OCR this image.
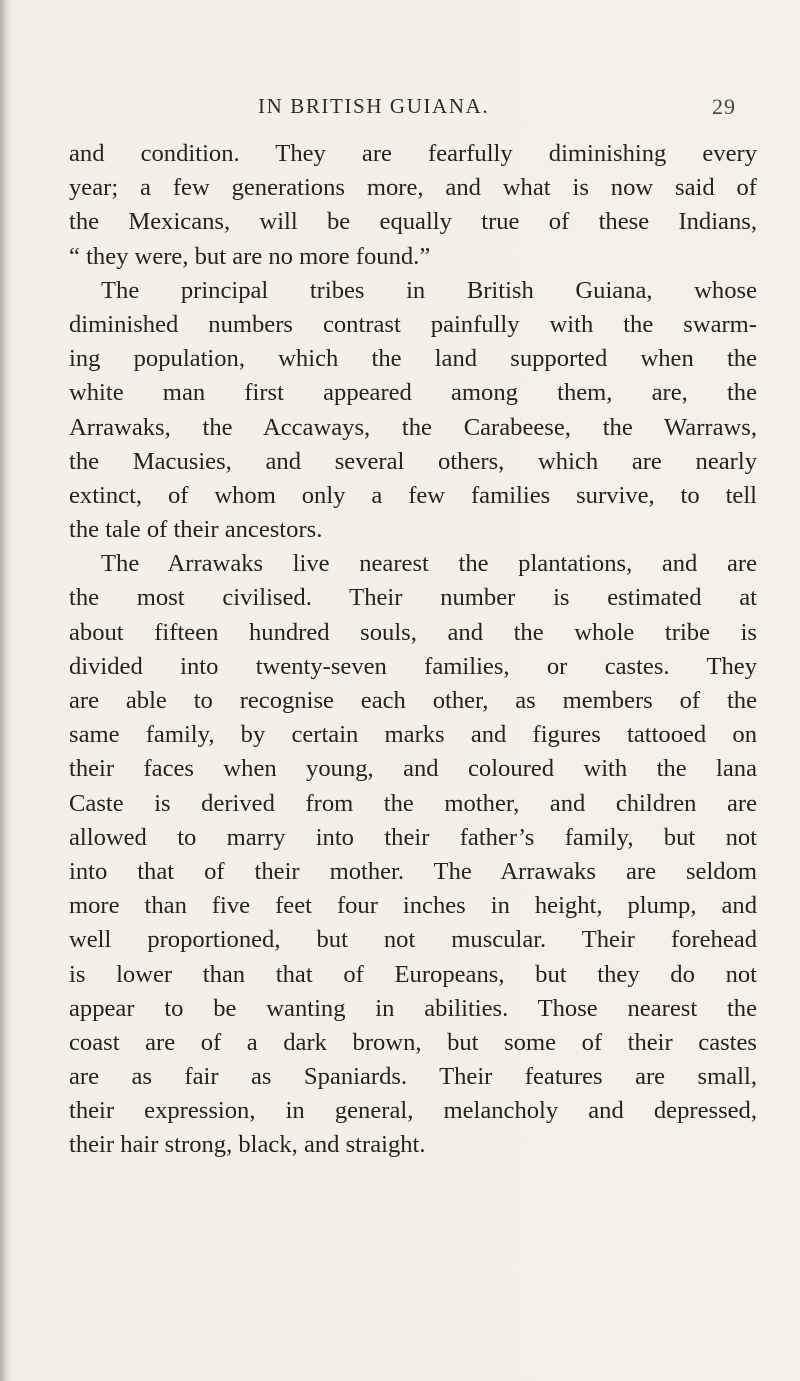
IN BRITISH GUIANA.	29
and condition. They are fearfully diminishing every
year; a few generations more, and what is now said of
the Mexicans, will be equally true of these Indians,
“ they were, but are no more found.”
The principal tribes in British Guiana, whose
diminished numbers contrast painfully with the swarm-
ing population, which the land supported when the
white man first appeared among them, are, the
Arrawaks, the Accaways, the Carabeese, the Warraws,
the Macusies, and several others, which are nearly
extinct, of whom only a few families survive, to tell
the tale of their ancestors.
The Arrawaks live nearest the plantations, and are
the most civilised. Their number is estimated at
about fifteen hundred souls, and the whole tribe is
divided into twenty-seven families, or castes. They
are able to recognise each other, as members of the
same family, by certain marks and figures tattooed on
their faces when young, and coloured with the lana
Caste is derived from the mother, and children are
allowed to marry into their father’s family, but not
into that of their mother. The Arrawaks are seldom
more than five feet four inches in height, plump, and
well proportioned, but not muscular. Their forehead
is lower than that of Europeans, but they do not
appear to be wanting in abilities. Those nearest the
coast are of a dark brown, but some of their castes
are as fair as Spaniards. Their features are small,
their expression, in general, melancholy and depressed,
their hair strong, black, and straight.
